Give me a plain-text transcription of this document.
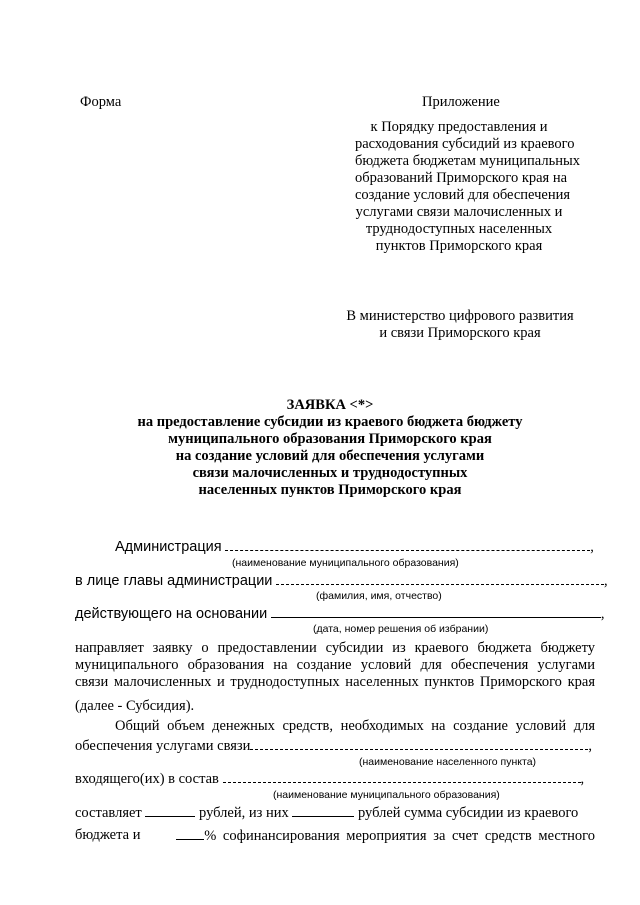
Форма	Приложение
к Порядку предоставления и
расходования субсидий из краевого
бюджета бюджетам муниципальных
образований Приморского края на
создание условий для обеспечения
услугами связи малочисленных и
труднодоступных населенных
пунктов Приморского края
В министерство цифрового развития
и связи Приморского края
ЗАЯВКА <*>
на предоставление субсидии из краевого бюджета бюджету
муниципального образования Приморского края
на создание условий для обеспечения услугами
связи малочисленных и труднодоступных
населенных пунктов Приморского края
Администрация	,
(наименование муниципального образования)
в лице главы администрации	,
(фамилия, имя, отчество)
действующего на основании	,
(дата, номер решения об избрании)
направляет заявку о предоставлении субсидии из краевого бюджета бюджету
муниципального образования на создание условий для обеспечения услугами
связи малочисленных и труднодоступных населенных пунктов Приморского края
(далее - Субсидия).
Общий объем денежных средств, необходимых на создание условий для
обеспечения услугами связи	,
(наименование населенного пункта)
входящего(их) в состав	,
(наименование муниципального образования)
составляет	рублей, из них	рублей сумма субсидии из краевого
бюджета и	% софинансирования мероприятия за счет средств местного
